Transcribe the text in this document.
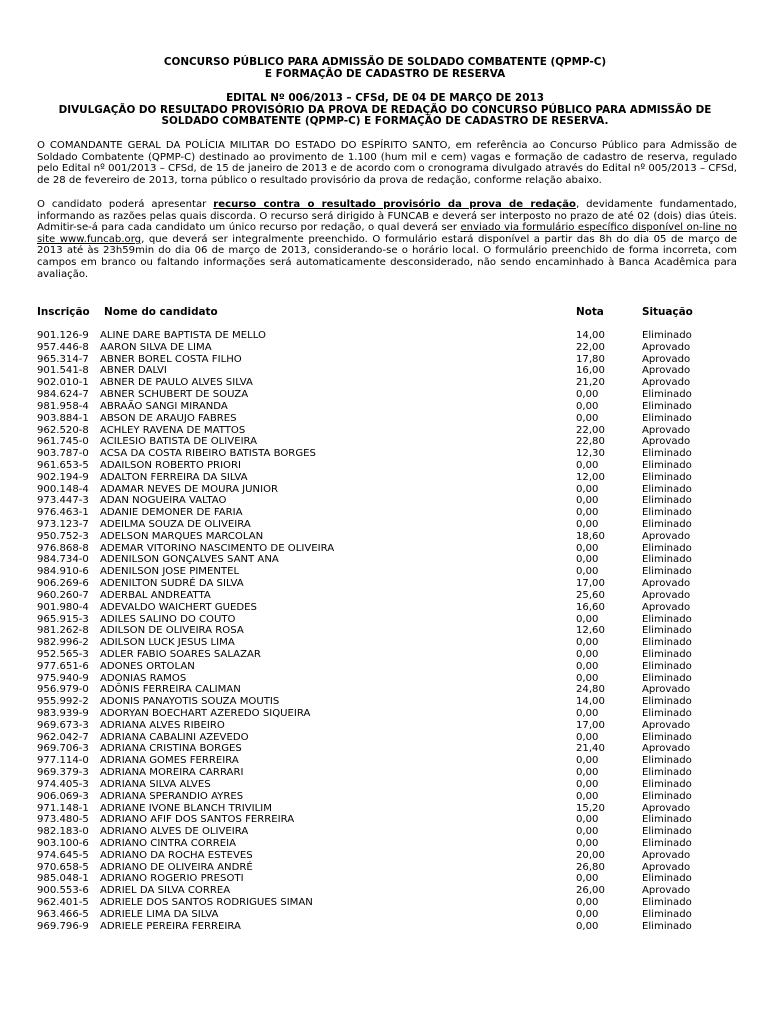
CONCURSO PÚBLICO PARA ADMISSÃO DE SOLDADO COMBATENTE (QPMP-C)
E FORMAÇÃO DE CADASTRO DE RESERVA
EDITAL Nº 006/2013 – CFSd, DE 04 DE MARÇO DE 2013
DIVULGAÇÃO DO RESULTADO PROVISÓRIO DA PROVA DE REDAÇÃO DO CONCURSO PÚBLICO PARA ADMISSÃO DE
SOLDADO COMBATENTE (QPMP-C) E FORMAÇÃO DE CADASTRO DE RESERVA.
O COMANDANTE GERAL DA POLÍCIA MILITAR DO ESTADO DO ESPÍRITO SANTO, em referência ao Concurso Público para Admissão de Soldado Combatente (QPMP-C) destinado ao provimento de 1.100 (hum mil e cem) vagas e formação de cadastro de reserva, regulado pelo Edital nº 001/2013 – CFSd, de 15 de janeiro de 2013 e de acordo com o cronograma divulgado através do Edital nº 005/2013 – CFSd, de 28 de fevereiro de 2013, torna público o resultado provisório da prova de redação, conforme relação abaixo.
O candidato poderá apresentar recurso contra o resultado provisório da prova de redação, devidamente fundamentado, informando as razões pelas quais discorda. O recurso será dirigido à FUNCAB e deverá ser interposto no prazo de até 02 (dois) dias úteis. Admitir-se-á para cada candidato um único recurso por redação, o qual deverá ser enviado via formulário específico disponível on-line no site www.funcab.org, que deverá ser integralmente preenchido. O formulário estará disponível a partir das 8h do dia 05 de março de 2013 até às 23h59min do dia 06 de março de 2013, considerando-se o horário local. O formulário preenchido de forma incorreta, com campos em branco ou faltando informações será automaticamente desconsiderado, não sendo encaminhado à Banca Acadêmica para avaliação.
Inscrição Nome do candidato	Nota	Situação
901.126-9 ALINE DARE BAPTISTA DE MELLO	14,00	Eliminado
957.446-8 AARON SILVA DE LIMA	22,00	Aprovado
965.314-7 ABNER BOREL COSTA FILHO	17,80	Aprovado
901.541-8 ABNER DALVI	16,00	Aprovado
902.010-1 ABNER DE PAULO ALVES SILVA	21,20	Aprovado
984.624-7 ABNER SCHUBERT DE SOUZA	0,00	Eliminado
981.958-4 ABRAÃO SANGI MIRANDA	0,00	Eliminado
903.884-1 ABSON DE ARAUJO FABRES	0,00	Eliminado
962.520-8 ACHLEY RAVENA DE MATTOS	22,00	Aprovado
961.745-0 ACILESIO BATISTA DE OLIVEIRA	22,80	Aprovado
903.787-0 ACSA DA COSTA RIBEIRO BATISTA BORGES	12,30	Eliminado
961.653-5 ADAILSON ROBERTO PRIORI	0,00	Eliminado
902.194-9 ADALTON FERREIRA DA SILVA	12,00	Eliminado
900.148-4 ADAMAR NEVES DE MOURA JUNIOR	0,00	Eliminado
973.447-3 ADAN NOGUEIRA VALTAO	0,00	Eliminado
976.463-1 ADANIE DEMONER DE FARIA	0,00	Eliminado
973.123-7 ADEILMA SOUZA DE OLIVEIRA	0,00	Eliminado
950.752-3 ADELSON MARQUES MARCOLAN	18,60	Aprovado
976.868-8 ADEMAR VITORINO NASCIMENTO DE OLIVEIRA	0,00	Eliminado
984.734-0 ADENILSON GONÇALVES SANT ANA	0,00	Eliminado
984.910-6 ADENILSON JOSE PIMENTEL	0,00	Eliminado
906.269-6 ADENILTON SUDRÉ DA SILVA	17,00	Aprovado
960.260-7 ADERBAL ANDREATTA	25,60	Aprovado
901.980-4 ADEVALDO WAICHERT GUEDES	16,60	Aprovado
965.915-3 ADILES SALINO DO COUTO	0,00	Eliminado
981.262-8 ADILSON DE OLIVEIRA ROSA	12,60	Eliminado
982.996-2 ADILSON LUCK JESUS LIMA	0,00	Eliminado
952.565-3 ADLER FABIO SOARES SALAZAR	0,00	Eliminado
977.651-6 ADONES ORTOLAN	0,00	Eliminado
975.940-9 ADONIAS RAMOS	0,00	Eliminado
956.979-0 ADÔNIS FERREIRA CALIMAN	24,80	Aprovado
955.992-2 ADONIS PANAYOTIS SOUZA MOUTIS	14,00	Eliminado
983.939-9 ADORYAN BOECHART AZEREDO SIQUEIRA	0,00	Eliminado
969.673-3 ADRIANA ALVES RIBEIRO	17,00	Aprovado
962.042-7 ADRIANA CABALINI AZEVEDO	0,00	Eliminado
969.706-3 ADRIANA CRISTINA BORGES	21,40	Aprovado
977.114-0 ADRIANA GOMES FERREIRA	0,00	Eliminado
969.379-3 ADRIANA MOREIRA CARRARI	0,00	Eliminado
974.405-3 ADRIANA SILVA ALVES	0,00	Eliminado
906.069-3 ADRIANA SPERANDIO AYRES	0,00	Eliminado
971.148-1 ADRIANE IVONE BLANCH TRIVILIM	15,20	Aprovado
973.480-5 ADRIANO AFIF DOS SANTOS FERREIRA	0,00	Eliminado
982.183-0 ADRIANO ALVES DE OLIVEIRA	0,00	Eliminado
903.100-6 ADRIANO CINTRA CORREIA	0,00	Eliminado
974.645-5 ADRIANO DA ROCHA ESTEVES	20,00	Aprovado
970.658-5 ADRIANO DE OLIVEIRA ANDRÉ	26,80	Aprovado
985.048-1 ADRIANO ROGERIO PRESOTI	0,00	Eliminado
900.553-6 ADRIEL DA SILVA CORREA	26,00	Aprovado
962.401-5 ADRIELE DOS SANTOS RODRIGUES SIMAN	0,00	Eliminado
963.466-5 ADRIELE LIMA DA SILVA	0,00	Eliminado
969.796-9 ADRIELE PEREIRA FERREIRA	0,00	Eliminado
